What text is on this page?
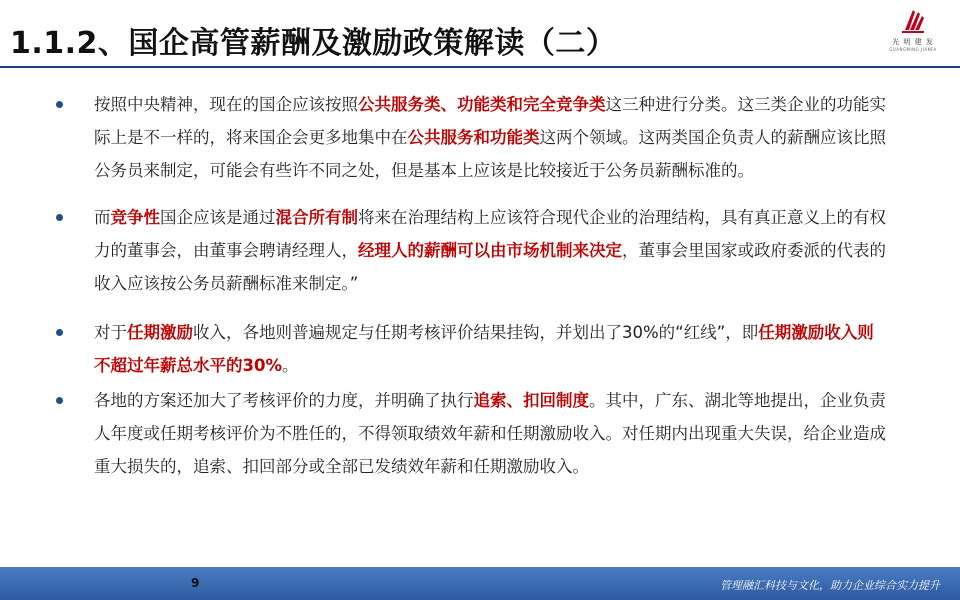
1.1.2、国企高管薪酬及激励政策解读（二）	光 明 建 发
GUANGMING JIANFA
按照中央精神，现在的国企应该按照公共服务类、功能类和完全竞争类这三种进行分类。这三类企业的功能实际上是不一样的，将来国企会更多地集中在公共服务和功能类这两个领域。这两类国企负责人的薪酬应该比照公务员来制定，可能会有些许不同之处，但是基本上应该是比较接近于公务员薪酬标准的。
而竞争性国企应该是通过混合所有制将来在治理结构上应该符合现代企业的治理结构，具有真正意义上的有权力的董事会，由董事会聘请经理人，经理人的薪酬可以由市场机制来决定，董事会里国家或政府委派的代表的收入应该按公务员薪酬标准来制定。”
对于任期激励收入，各地则普遍规定与任期考核评价结果挂钩，并划出了30%的“红线”，即任期激励收入则不超过年薪总水平的30%。
各地的方案还加大了考核评价的力度，并明确了执行追索、扣回制度。其中，广东、湖北等地提出，企业负责人年度或任期考核评价为不胜任的，不得领取绩效年薪和任期激励收入。对任期内出现重大失误，给企业造成重大损失的，追索、扣回部分或全部已发绩效年薪和任期激励收入。
9	管理融汇科技与文化，助力企业综合实力提升
